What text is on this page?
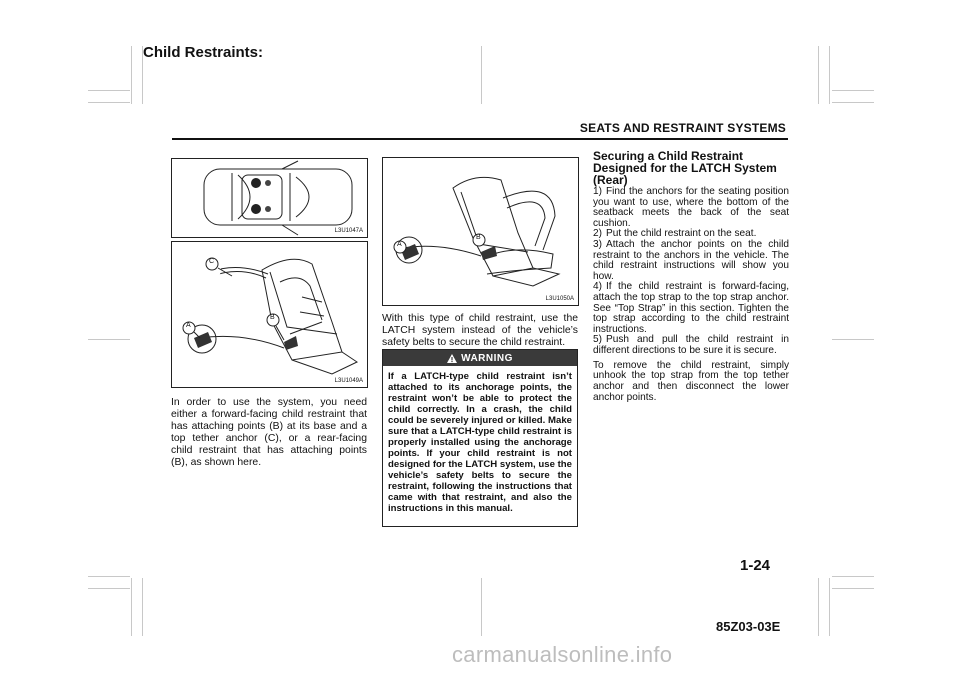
Child Restraints:
SEATS AND RESTRAINT SYSTEMS
L3U1047A
C
A
B
L3U1049A
A
B
L3U1050A
In order to use the system, you need either a forward-facing child restraint that has attaching points (B) at its base and a top tether anchor (C), or a rear-facing child restraint that has attaching points (B), as shown here.
With this type of child restraint, use the LATCH system instead of the vehicle’s safety belts to secure the child restraint.
WARNING
If a LATCH-type child restraint isn’t attached to its anchorage points, the restraint won’t be able to protect the child correctly. In a crash, the child could be severely injured or killed. Make sure that a LATCH-type child restraint is properly installed using the anchorage points. If your child restraint is not designed for the LATCH system, use the vehicle’s safety belts to secure the restraint, following the instructions that came with that restraint, and also the instructions in this manual.
Securing a Child Restraint Designed for the LATCH System (Rear)
1) Find the anchors for the seating position you want to use, where the bottom of the seatback meets the back of the seat cushion.
2) Put the child restraint on the seat.
3) Attach the anchor points on the child restraint to the anchors in the vehicle. The child restraint instructions will show you how.
4) If the child restraint is forward-facing, attach the top strap to the top strap anchor. See “Top Strap” in this section. Tighten the top strap according to the child restraint instructions.
5) Push and pull the child restraint in different directions to be sure it is secure.
To remove the child restraint, simply unhook the top strap from the top tether anchor and then disconnect the lower anchor points.
1-24
85Z03-03E
carmanualsonline.info
